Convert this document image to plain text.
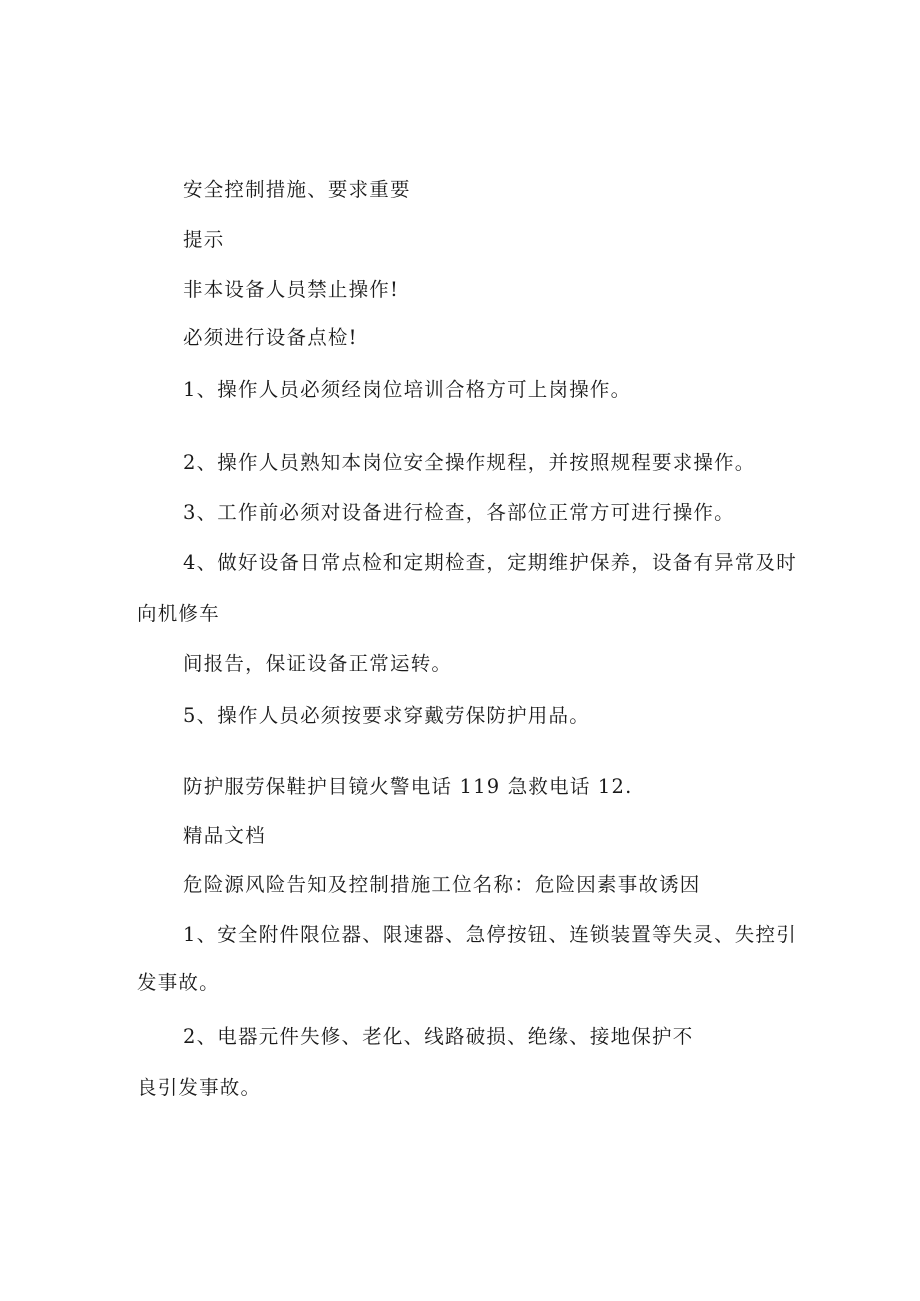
安全控制措施、要求重要
提示
非本设备人员禁止操作!
必须进行设备点检!
1、操作人员必须经岗位培训合格方可上岗操作。
2、操作人员熟知本岗位安全操作规程，并按照规程要求操作。
3、工作前必须对设备进行检查，各部位正常方可进行操作。
4、做好设备日常点检和定期检查，定期维护保养，设备有异常及时
向机修车
间报告，保证设备正常运转。
5、操作人员必须按要求穿戴劳保防护用品。
防护服劳保鞋护目镜火警电话 119 急救电话 12.
精品文档
危险源风险告知及控制措施工位名称：危险因素事故诱因
1、安全附件限位器、限速器、急停按钮、连锁装置等失灵、失控引
发事故。
2、电器元件失修、老化、线路破损、绝缘、接地保护不
良引发事故。
